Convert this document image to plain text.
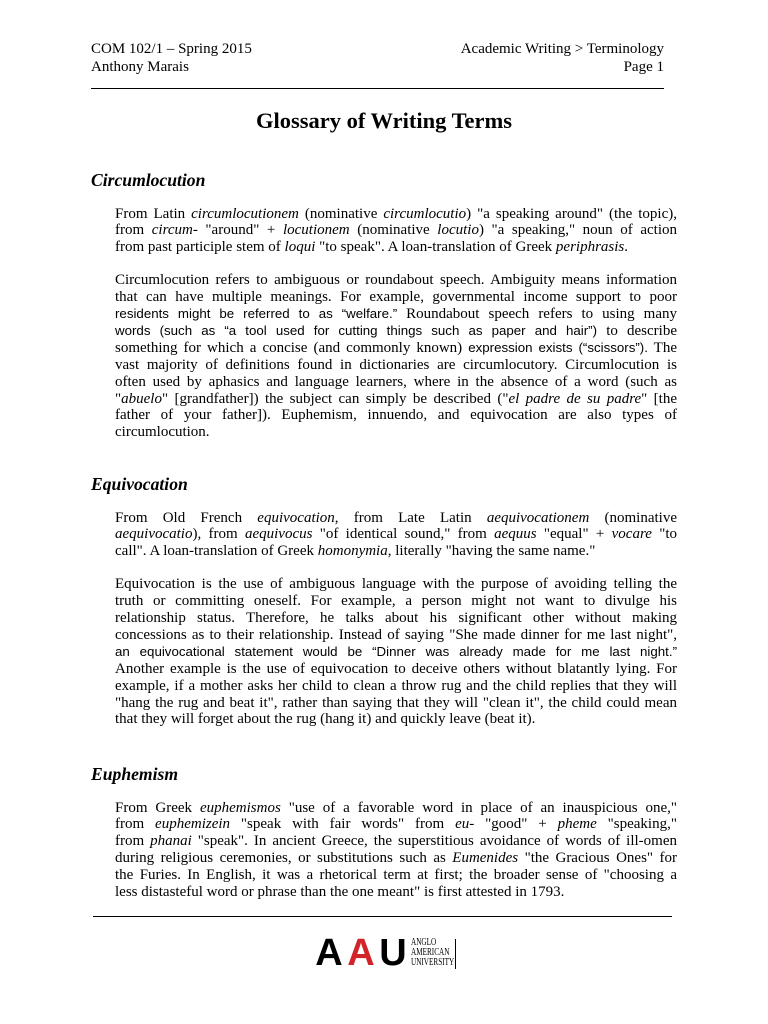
COM 102/1 – Spring 2015	Academic Writing > Terminology
Anthony Marais	Page 1
Glossary of Writing Terms
Circumlocution
From Latin circumlocutionem (nominative circumlocutio) "a speaking around" (the topic),
from circum- "around" + locutionem (nominative locutio) "a speaking," noun of action
from past participle stem of loqui "to speak". A loan-translation of Greek periphrasis.
Circumlocution refers to ambiguous or roundabout speech. Ambiguity means information
that can have multiple meanings. For example, governmental income support to poor
residents might be referred to as “welfare.” Roundabout speech refers to using many
words (such as “a tool used for cutting things such as paper and hair”) to describe
something for which a concise (and commonly known) expression exists (“scissors”). The
vast majority of definitions found in dictionaries are circumlocutory. Circumlocution is
often used by aphasics and language learners, where in the absence of a word (such as
"abuelo" [grandfather]) the subject can simply be described ("el padre de su padre" [the
father of your father]). Euphemism, innuendo, and equivocation are also types of
circumlocution.
Equivocation
From Old French equivocation, from Late Latin aequivocationem (nominative
aequivocatio), from aequivocus "of identical sound," from aequus "equal" + vocare "to
call". A loan-translation of Greek homonymia, literally "having the same name."
Equivocation is the use of ambiguous language with the purpose of avoiding telling the
truth or committing oneself. For example, a person might not want to divulge his
relationship status. Therefore, he talks about his significant other without making
concessions as to their relationship. Instead of saying "She made dinner for me last night",
an equivocational statement would be “Dinner was already made for me last night.”
Another example is the use of equivocation to deceive others without blatantly lying. For
example, if a mother asks her child to clean a throw rug and the child replies that they will
"hang the rug and beat it", rather than saying that they will "clean it", the child could mean
that they will forget about the rug (hang it) and quickly leave (beat it).
Euphemism
From Greek euphemismos "use of a favorable word in place of an inauspicious one,"
from euphemizein "speak with fair words" from eu- "good" + pheme "speaking,"
from phanai "speak". In ancient Greece, the superstitious avoidance of words of ill-omen
during religious ceremonies, or substitutions such as Eumenides "the Gracious Ones" for
the Furies. In English, it was a rhetorical term at first; the broader sense of "choosing a
less distasteful word or phrase than the one meant" is first attested in 1793.
A A U ANGLO
AMERICAN
UNIVERSITY
